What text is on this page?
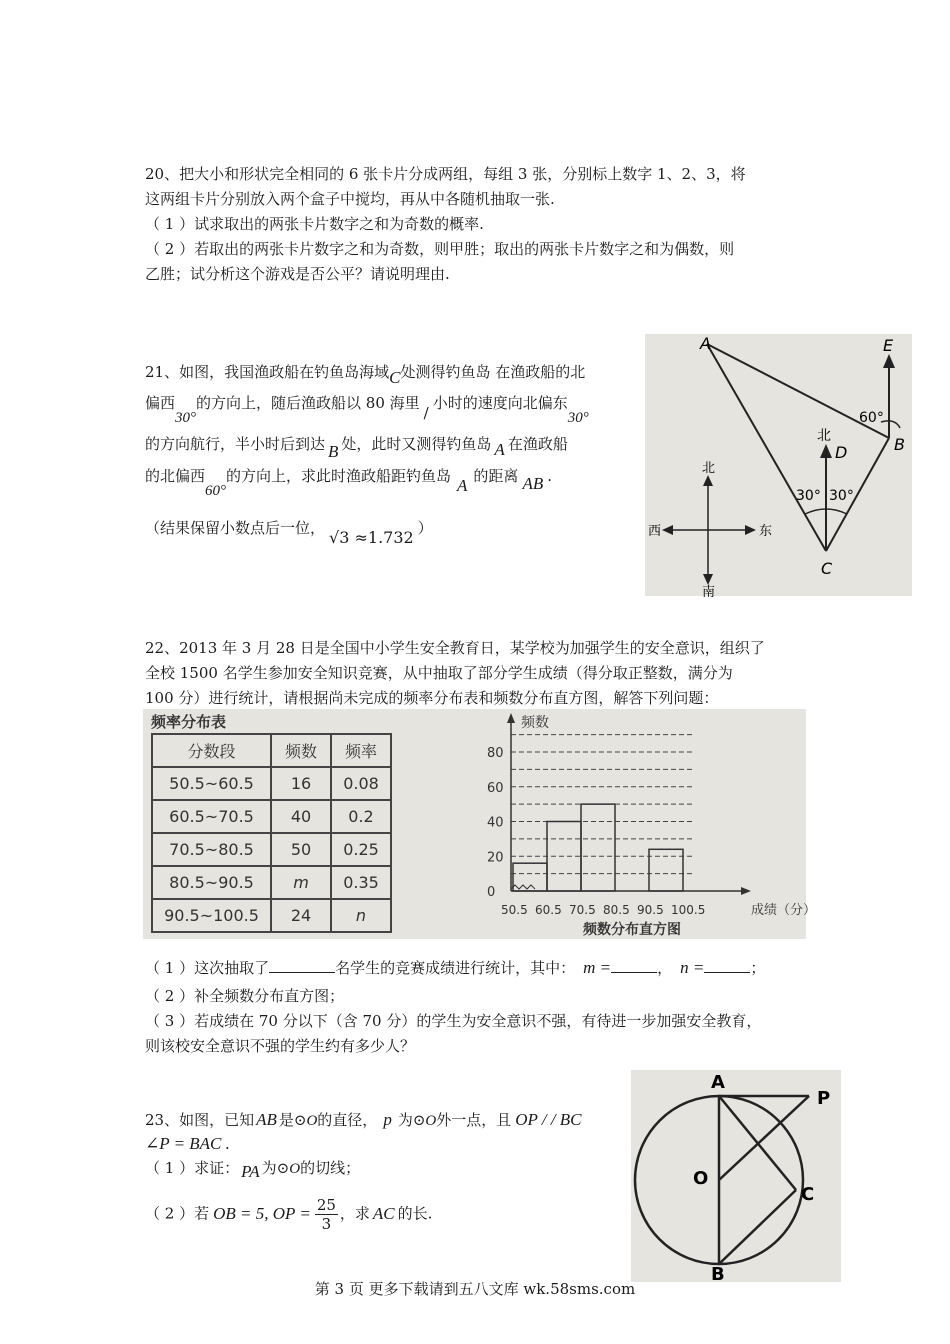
20、把大小和形状完全相同的 6 张卡片分成两组，每组 3 张，分别标上数字 1、2、3，将
这两组卡片分别放入两个盒子中搅均，再从中各随机抽取一张.
（ 1 ）试求取出的两张卡片数字之和为奇数的概率.
（ 2 ）若取出的两张卡片数字之和为奇数，则甲胜；取出的两张卡片数字之和为偶数，则
乙胜；试分析这个游戏是否公平？请说明理由.
21、如图，我国渔政船在钓鱼岛海域C处测得钓鱼岛 在渔政船的北
偏西30°的方向上，随后渔政船以 80 海里/小时的速度向北偏东30°
的方向航行，半小时后到达 B 处，此时又测得钓鱼岛 A 在渔政船
的北偏西60°的方向上，求此时渔政船距钓鱼岛 A 的距离 AB .
（结果保留小数点后一位， √3 ≈1.732 ）
A
B
C
D
E
北
60°
30° 30°
北
南
东
西
22、2013 年 3 月 28 日是全国中小学生安全教育日，某学校为加强学生的安全意识，组织了
全校 1500 名学生参加安全知识竞赛，从中抽取了部分学生成绩（得分取正整数，满分为
100 分）进行统计，请根据尚未完成的频率分布表和频数分布直方图，解答下列问题：
频率分布表
分数段	频数	频率
50.5~60.5	16	0.08
60.5~70.5	40	0.2
70.5~80.5	50	0.25
80.5~90.5	m	0.35
90.5~100.5	24	n
0
20
40
60
80
50.5 60.5 70.5 80.5 90.5 100.5
频数
成绩（分）
频数分布直方图
（ 1 ）这次抽取了	名学生的竞赛成绩进行统计，其中： m =	， n =	；
（ 2 ）补全频数分布直方图；
（ 3 ）若成绩在 70 分以下（含 70 分）的学生为安全意识不强，有待进一步加强安全教育，
则该校安全意识不强的学生约有多少人？
23、如图，已知 AB 是⊙O的直径， p 为⊙O外一点，且 OP / / BC
∠P = BAC .
（ 1 ）求证： PA 为⊙O的切线；
（ 2 ）若 OB = 5, OP = $\frac{25}{3}$ ，求 AC 的长.
A
B
C
O
P
第 3 页 更多下载请到五八文库 wk.58sms.com
